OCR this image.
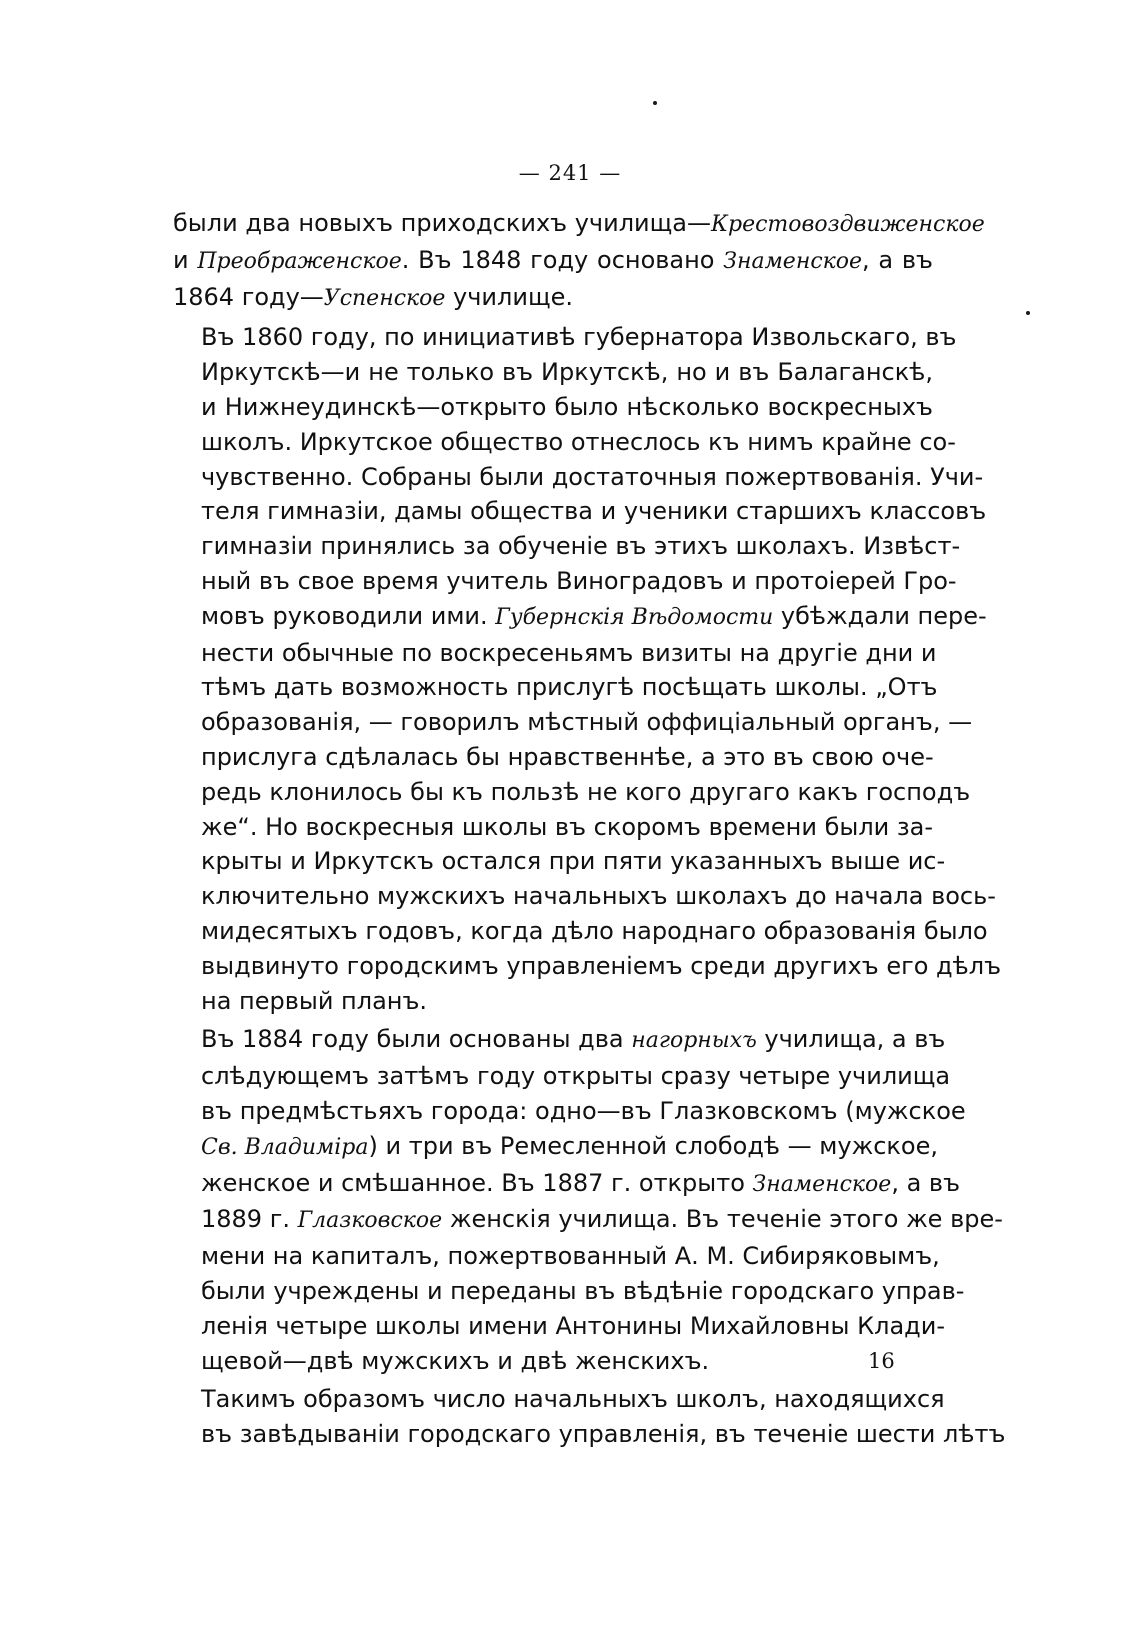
— 241 —

были два новыхъ приходскихъ училища—Крестовоздвиженское
и Преображенское. Въ 1848 году основано Знаменское, а въ
1864 году—Успенское училище.

Въ 1860 году, по инициативѣ губернатора Извольскаго, въ
Иркутскѣ—и не только въ Иркутскѣ, но и въ Балаганскѣ,
и Нижнеудинскѣ—открыто было нѣсколько воскресныхъ
школъ. Иркутское общество отнеслось къ нимъ крайне со-
чувственно. Собраны были достаточныя пожертвованія. Учи-
теля гимназіи, дамы общества и ученики старшихъ классовъ
гимназіи принялись за обученіе въ этихъ школахъ. Извѣст-
ный въ свое время учитель Виноградовъ и протоіерей Гро-
мовъ руководили ими. Губернскія Вѣдомости убѣждали пере-
нести обычные по воскресеньямъ визиты на другіе дни и
тѣмъ дать возможность прислугѣ посѣщать школы. „Отъ
образованія, — говорилъ мѣстный оффиціальный органъ, —
прислуга сдѣлалась бы нравственнѣе, а это въ свою оче-
редь клонилось бы къ пользѣ не кого другаго какъ господъ
же“. Но воскресныя школы въ скоромъ времени были за-
крыты и Иркутскъ остался при пяти указанныхъ выше ис-
ключительно мужскихъ начальныхъ школахъ до начала вось-
мидесятыхъ годовъ, когда дѣло народнаго образованія было
выдвинуто городскимъ управленіемъ среди другихъ его дѣлъ
на первый планъ.

Въ 1884 году были основаны два нагорныхъ училища, а въ
слѣдующемъ затѣмъ году открыты сразу четыре училища
въ предмѣстьяхъ города: одно—въ Глазковскомъ (мужское
Св. Владиміра) и три въ Ремесленной слободѣ — мужское,
женское и смѣшанное. Въ 1887 г. открыто Знаменское, а въ
1889 г. Глазковское женскія училища. Въ теченіе этого же вре-
мени на капиталъ, пожертвованный А. М. Сибиряковымъ,
были учреждены и переданы въ вѣдѣніе городскаго управ-
ленія четыре школы имени Антонины Михайловны Клади-
щевой—двѣ мужскихъ и двѣ женскихъ.

Такимъ образомъ число начальныхъ школъ, находящихся
въ завѣдываніи городскаго управленія, въ теченіе шести лѣтъ

16
